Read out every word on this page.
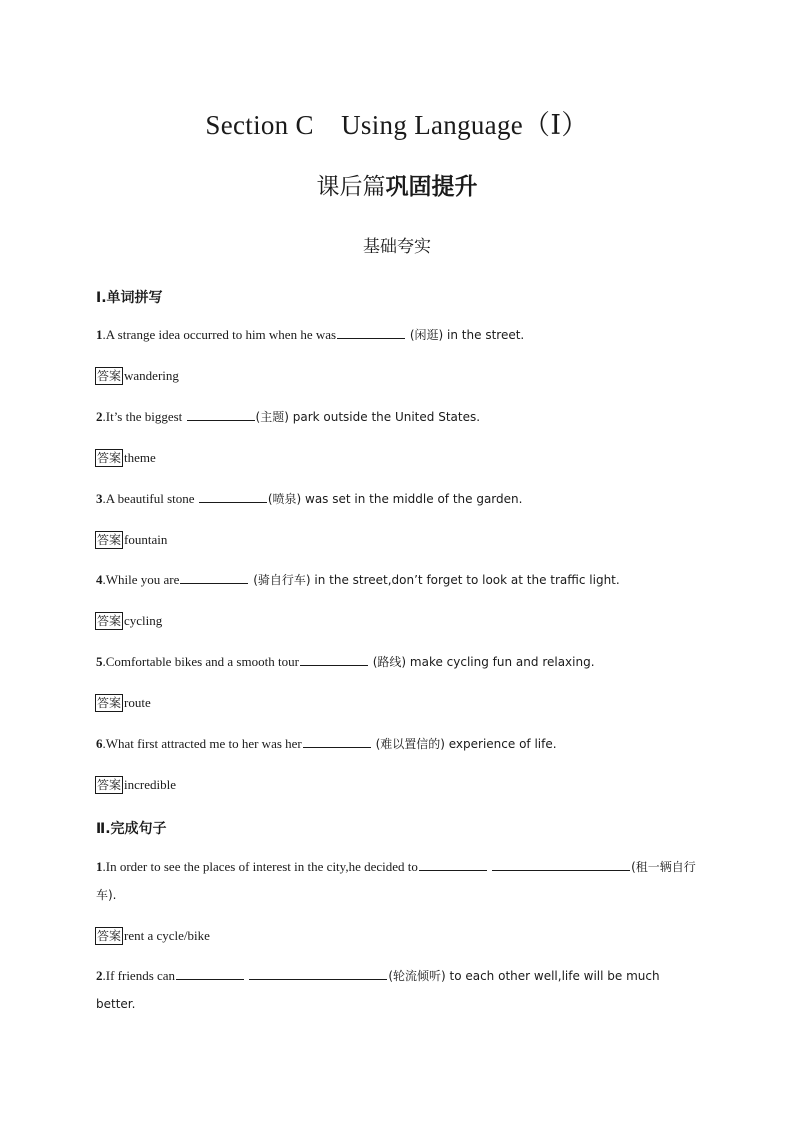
Section C Using Language（Ⅰ）
课后篇巩固提升
基础夸实
Ⅰ.单词拼写
1.A strange idea occurred to him when he was	(闲逛) in the street.
答案 wandering
2.It’s the biggest	(主题) park outside the United States.
答案 theme
3.A beautiful stone	(喷泉) was set in the middle of the garden.
答案 fountain
4.While you are	(骑自行车) in the street,don’t forget to look at the traffic light.
答案 cycling
5.Comfortable bikes and a smooth tour	(路线) make cycling fun and relaxing.
答案 route
6.What first attracted me to her was her	(难以置信的) experience of life.
答案 incredible
Ⅱ.完成句子
1.In order to see the places of interest in the city,he decided to	(租一辆自行车).
答案 rent a cycle/bike
2.If friends can	(轮流倾听) to each other well,life will be much better.
